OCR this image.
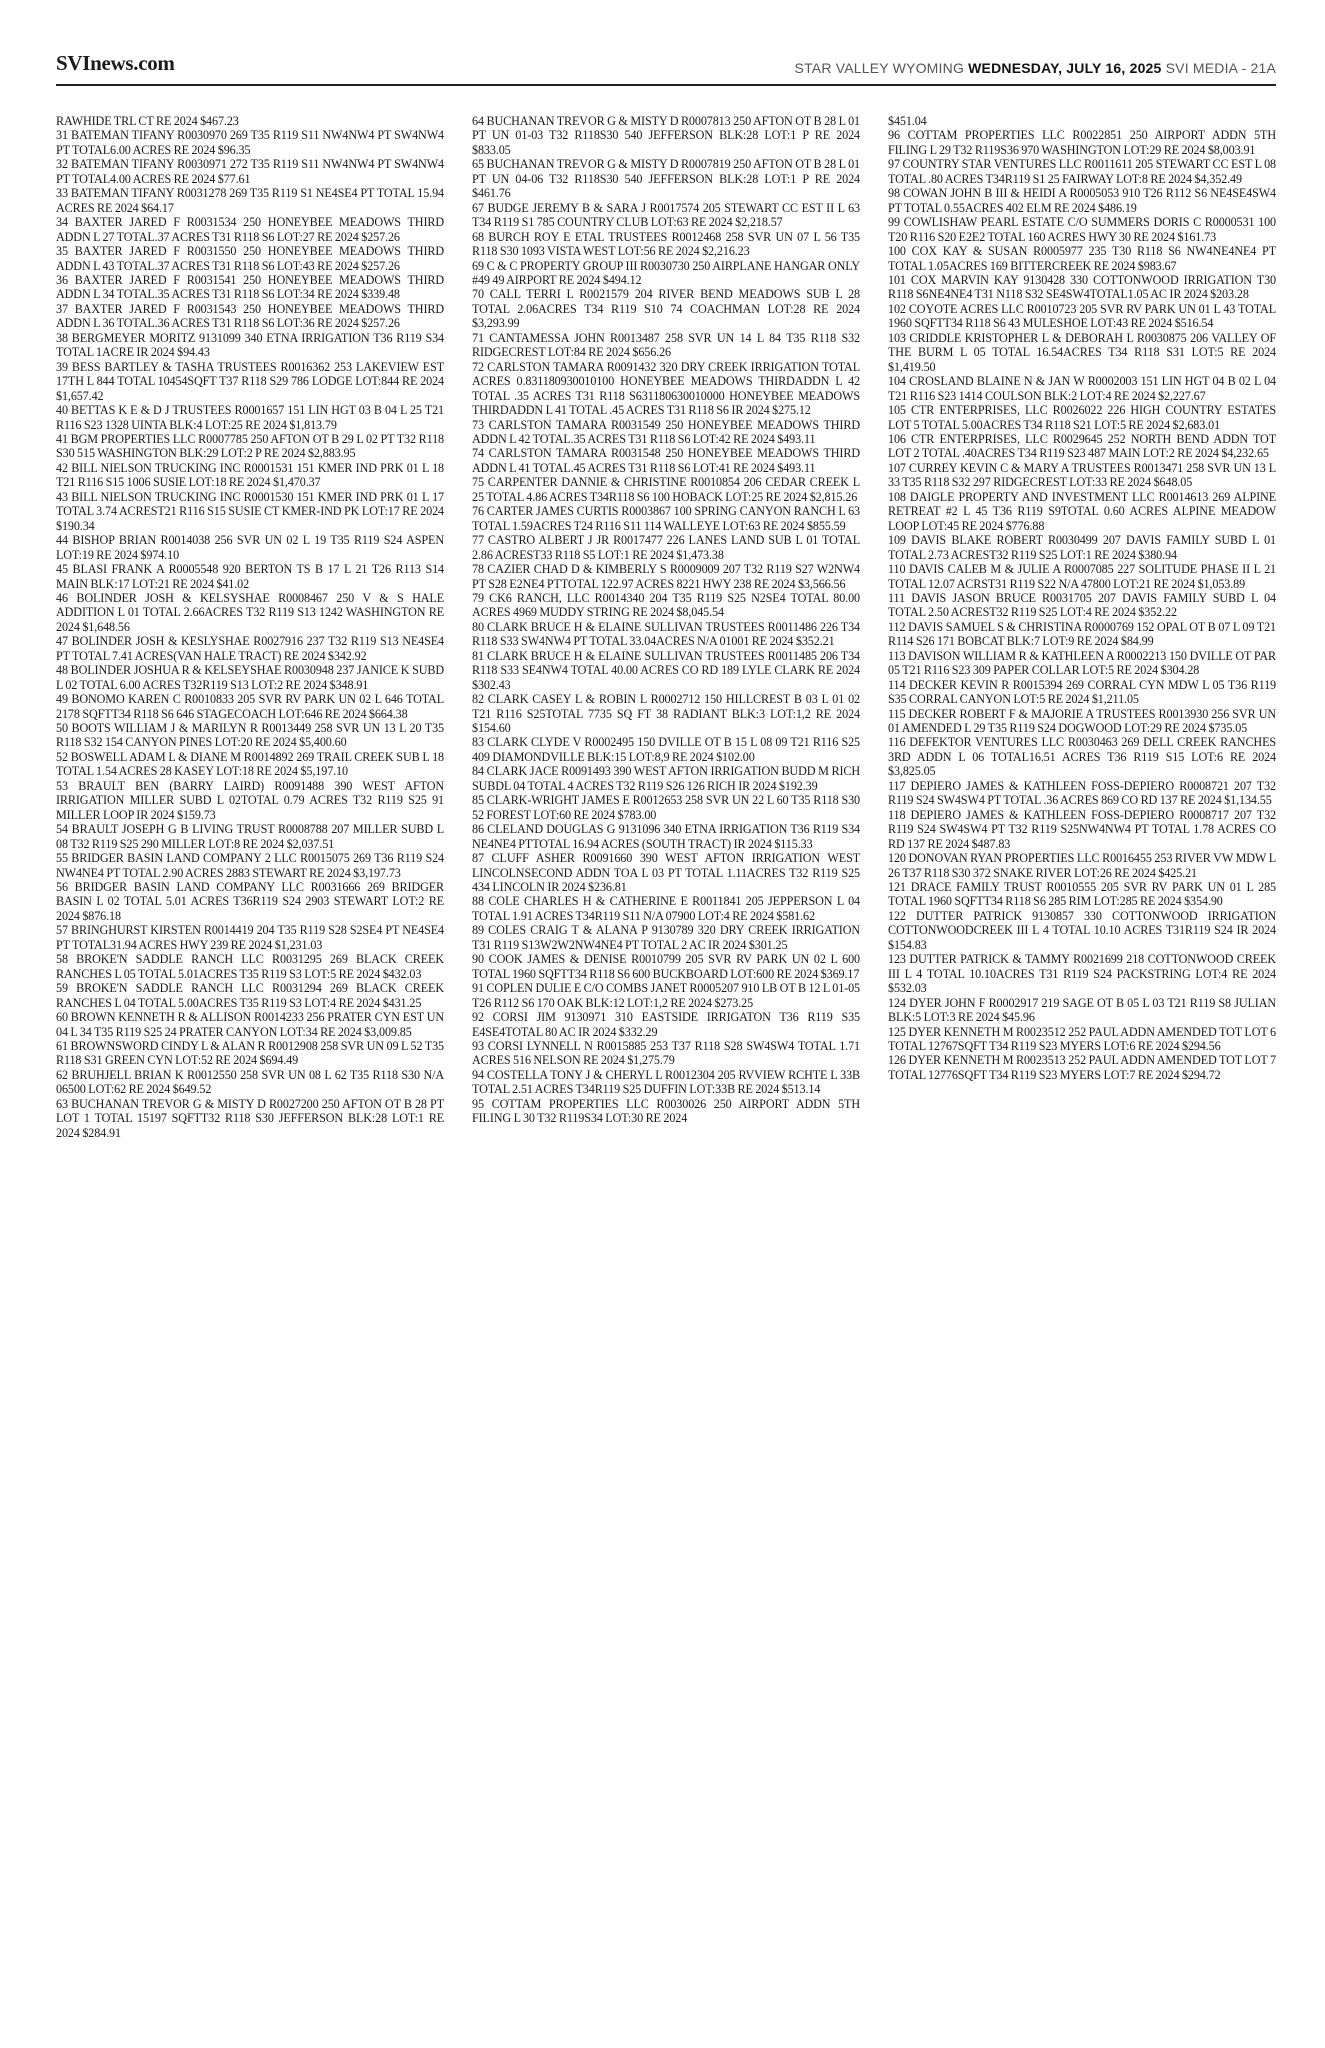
SVInews.com	STAR VALLEY WYOMING WEDNESDAY, JULY 16, 2025 SVI MEDIA - 21A

RAWHIDE TRL CT RE 2024 $467.23

31 BATEMAN TIFANY R0030970 269 T35 R119 S11 NW4NW4 PT SW4NW4 PT TOTAL6.00 ACRES RE 2024 $96.35

32 BATEMAN TIFANY R0030971 272 T35 R119 S11 NW4NW4 PT SW4NW4 PT TOTAL4.00 ACRES RE 2024 $77.61

33 BATEMAN TIFANY R0031278 269 T35 R119 S1 NE4SE4 PT TOTAL 15.94 ACRES RE 2024 $64.17

34 BAXTER JARED F R0031534 250 HONEYBEE MEADOWS THIRD ADDN L 27 TOTAL.37 ACRES T31 R118 S6 LOT:27 RE 2024 $257.26

35 BAXTER JARED F R0031550 250 HONEYBEE MEADOWS THIRD ADDN L 43 TOTAL.37 ACRES T31 R118 S6 LOT:43 RE 2024 $257.26

36 BAXTER JARED F R0031541 250 HONEYBEE MEADOWS THIRD ADDN L 34 TOTAL.35 ACRES T31 R118 S6 LOT:34 RE 2024 $339.48

37 BAXTER JARED F R0031543 250 HONEYBEE MEADOWS THIRD ADDN L 36 TOTAL.36 ACRES T31 R118 S6 LOT:36 RE 2024 $257.26

38 BERGMEYER MORITZ 9131099 340 ETNA IRRIGATION T36 R119 S34 TOTAL 1ACRE IR 2024 $94.43

39 BESS BARTLEY & TASHA TRUSTEES R0016362 253 LAKEVIEW EST 17TH L 844 TOTAL 10454SQFT T37 R118 S29 786 LODGE LOT:844 RE 2024 $1,657.42

40 BETTAS K E & D J TRUSTEES R0001657 151 LIN HGT 03 B 04 L 25 T21 R116 S23 1328 UINTA BLK:4 LOT:25 RE 2024 $1,813.79

41 BGM PROPERTIES LLC R0007785 250 AFTON OT B 29 L 02 PT T32 R118 S30 515 WASHINGTON BLK:29 LOT:2 P RE 2024 $2,883.95

42 BILL NIELSON TRUCKING INC R0001531 151 KMER IND PRK 01 L 18 T21 R116 S15 1006 SUSIE LOT:18 RE 2024 $1,470.37

43 BILL NIELSON TRUCKING INC R0001530 151 KMER IND PRK 01 L 17 TOTAL 3.74 ACREST21 R116 S15 SUSIE CT KMER-IND PK LOT:17 RE 2024 $190.34

44 BISHOP BRIAN R0014038 256 SVR UN 02 L 19 T35 R119 S24 ASPEN LOT:19 RE 2024 $974.10

45 BLASI FRANK A R0005548 920 BERTON TS B 17 L 21 T26 R113 S14 MAIN BLK:17 LOT:21 RE 2024 $41.02

46 BOLINDER JOSH & KELSYSHAE R0008467 250 V & S HALE ADDITION L 01 TOTAL 2.66ACRES T32 R119 S13 1242 WASHINGTON RE 2024 $1,648.56

47 BOLINDER JOSH & KESLYSHAE R0027916 237 T32 R119 S13 NE4SE4 PT TOTAL 7.41 ACRES(VAN HALE TRACT) RE 2024 $342.92

48 BOLINDER JOSHUA R & KELSEYSHAE R0030948 237 JANICE K SUBD L 02 TOTAL 6.00 ACRES T32R119 S13 LOT:2 RE 2024 $348.91

49 BONOMO KAREN C R0010833 205 SVR RV PARK UN 02 L 646 TOTAL 2178 SQFTT34 R118 S6 646 STAGECOACH LOT:646 RE 2024 $664.38

50 BOOTS WILLIAM J & MARILYN R R0013449 258 SVR UN 13 L 20 T35 R118 S32 154 CANYON PINES LOT:20 RE 2024 $5,400.60

52 BOSWELL ADAM L & DIANE M R0014892 269 TRAIL CREEK SUB L 18 TOTAL 1.54 ACRES 28 KASEY LOT:18 RE 2024 $5,197.10

53 BRAULT BEN (BARRY LAIRD) R0091488 390 WEST AFTON IRRIGATION MILLER SUBD L 02TOTAL 0.79 ACRES T32 R119 S25 91 MILLER LOOP IR 2024 $159.73

54 BRAULT JOSEPH G B LIVING TRUST R0008788 207 MILLER SUBD L 08 T32 R119 S25 290 MILLER LOT:8 RE 2024 $2,037.51

55 BRIDGER BASIN LAND COMPANY 2 LLC R0015075 269 T36 R119 S24 NW4NE4 PT TOTAL 2.90 ACRES 2883 STEWART RE 2024 $3,197.73

56 BRIDGER BASIN LAND COMPANY LLC R0031666 269 BRIDGER BASIN L 02 TOTAL 5.01 ACRES T36R119 S24 2903 STEWART LOT:2 RE 2024 $876.18

57 BRINGHURST KIRSTEN R0014419 204 T35 R119 S28 S2SE4 PT NE4SE4 PT TOTAL31.94 ACRES HWY 239 RE 2024 $1,231.03

58 BROKE'N SADDLE RANCH LLC R0031295 269 BLACK CREEK RANCHES L 05 TOTAL 5.01ACRES T35 R119 S3 LOT:5 RE 2024 $432.03

59 BROKE'N SADDLE RANCH LLC R0031294 269 BLACK CREEK RANCHES L 04 TOTAL 5.00ACRES T35 R119 S3 LOT:4 RE 2024 $431.25

60 BROWN KENNETH R & ALLISON R0014233 256 PRATER CYN EST UN 04 L 34 T35 R119 S25 24 PRATER CANYON LOT:34 RE 2024 $3,009.85

61 BROWNSWORD CINDY L & ALAN R R0012908 258 SVR UN 09 L 52 T35 R118 S31 GREEN CYN LOT:52 RE 2024 $694.49

62 BRUHJELL BRIAN K R0012550 258 SVR UN 08 L 62 T35 R118 S30 N/A 06500 LOT:62 RE 2024 $649.52

63 BUCHANAN TREVOR G & MISTY D R0027200 250 AFTON OT B 28 PT LOT 1 TOTAL 15197 SQFTT32 R118 S30 JEFFERSON BLK:28 LOT:1 RE 2024 $284.91

64 BUCHANAN TREVOR G & MISTY D R0007813 250 AFTON OT B 28 L 01 PT UN 01-03 T32 R118S30 540 JEFFERSON BLK:28 LOT:1 P RE 2024 $833.05

65 BUCHANAN TREVOR G & MISTY D R0007819 250 AFTON OT B 28 L 01 PT UN 04-06 T32 R118S30 540 JEFFERSON BLK:28 LOT:1 P RE 2024 $461.76

67 BUDGE JEREMY B & SARA J R0017574 205 STEWART CC EST II L 63 T34 R119 S1 785 COUNTRY CLUB LOT:63 RE 2024 $2,218.57

68 BURCH ROY E ETAL TRUSTEES R0012468 258 SVR UN 07 L 56 T35 R118 S30 1093 VISTA WEST LOT:56 RE 2024 $2,216.23

69 C & C PROPERTY GROUP III R0030730 250 AIRPLANE HANGAR ONLY #49 49 AIRPORT RE 2024 $494.12

70 CALL TERRI L R0021579 204 RIVER BEND MEADOWS SUB L 28 TOTAL 2.06ACRES T34 R119 S10 74 COACHMAN LOT:28 RE 2024 $3,293.99

71 CANTAMESSA JOHN R0013487 258 SVR UN 14 L 84 T35 R118 S32 RIDGECREST LOT:84 RE 2024 $656.26

72 CARLSTON TAMARA R0091432 320 DRY CREEK IRRIGATION TOTAL ACRES 0.831180930010100 HONEYBEE MEADOWS THIRDADDN L 42 TOTAL .35 ACRES T31 R118 S631180630010000 HONEYBEE MEADOWS THIRDADDN L 41 TOTAL .45 ACRES T31 R118 S6 IR 2024 $275.12

73 CARLSTON TAMARA R0031549 250 HONEYBEE MEADOWS THIRD ADDN L 42 TOTAL.35 ACRES T31 R118 S6 LOT:42 RE 2024 $493.11

74 CARLSTON TAMARA R0031548 250 HONEYBEE MEADOWS THIRD ADDN L 41 TOTAL.45 ACRES T31 R118 S6 LOT:41 RE 2024 $493.11

75 CARPENTER DANNIE & CHRISTINE R0010854 206 CEDAR CREEK L 25 TOTAL 4.86 ACRES T34R118 S6 100 HOBACK LOT:25 RE 2024 $2,815.26

76 CARTER JAMES CURTIS R0003867 100 SPRING CANYON RANCH L 63 TOTAL 1.59ACRES T24 R116 S11 114 WALLEYE LOT:63 RE 2024 $855.59

77 CASTRO ALBERT J JR R0017477 226 LANES LAND SUB L 01 TOTAL 2.86 ACREST33 R118 S5 LOT:1 RE 2024 $1,473.38

78 CAZIER CHAD D & KIMBERLY S R0009009 207 T32 R119 S27 W2NW4 PT S28 E2NE4 PTTOTAL 122.97 ACRES 8221 HWY 238 RE 2024 $3,566.56

79 CK6 RANCH, LLC R0014340 204 T35 R119 S25 N2SE4 TOTAL 80.00 ACRES 4969 MUDDY STRING RE 2024 $8,045.54

80 CLARK BRUCE H & ELAINE SULLIVAN TRUSTEES R0011486 226 T34 R118 S33 SW4NW4 PT TOTAL 33.04ACRES N/A 01001 RE 2024 $352.21

81 CLARK BRUCE H & ELAINE SULLIVAN TRUSTEES R0011485 206 T34 R118 S33 SE4NW4 TOTAL 40.00 ACRES CO RD 189 LYLE CLARK RE 2024 $302.43

82 CLARK CASEY L & ROBIN L R0002712 150 HILLCREST B 03 L 01 02 T21 R116 S25TOTAL 7735 SQ FT 38 RADIANT BLK:3 LOT:1,2 RE 2024 $154.60

83 CLARK CLYDE V R0002495 150 DVILLE OT B 15 L 08 09 T21 R116 S25 409 DIAMONDVILLE BLK:15 LOT:8,9 RE 2024 $102.00

84 CLARK JACE R0091493 390 WEST AFTON IRRIGATION BUDD M RICH SUBDL 04 TOTAL 4 ACRES T32 R119 S26 126 RICH IR 2024 $192.39

85 CLARK-WRIGHT JAMES E R0012653 258 SVR UN 22 L 60 T35 R118 S30 52 FOREST LOT:60 RE 2024 $783.00

86 CLELAND DOUGLAS G 9131096 340 ETNA IRRIGATION T36 R119 S34 NE4NE4 PTTOTAL 16.94 ACRES (SOUTH TRACT) IR 2024 $115.33

87 CLUFF ASHER R0091660 390 WEST AFTON IRRIGATION WEST LINCOLNSECOND ADDN TOA L 03 PT TOTAL 1.11ACRES T32 R119 S25 434 LINCOLN IR 2024 $236.81

88 COLE CHARLES H & CATHERINE E R0011841 205 JEPPERSON L 04 TOTAL 1.91 ACRES T34R119 S11 N/A 07900 LOT:4 RE 2024 $581.62

89 COLES CRAIG T & ALANA P 9130789 320 DRY CREEK IRRIGATION T31 R119 S13W2W2NW4NE4 PT TOTAL 2 AC IR 2024 $301.25

90 COOK JAMES & DENISE R0010799 205 SVR RV PARK UN 02 L 600 TOTAL 1960 SQFTT34 R118 S6 600 BUCKBOARD LOT:600 RE 2024 $369.17

91 COPLEN DULIE E C/O COMBS JANET R0005207 910 LB OT B 12 L 01-05 T26 R112 S6 170 OAK BLK:12 LOT:1,2 RE 2024 $273.25

92 CORSI JIM 9130971 310 EASTSIDE IRRIGATON T36 R119 S35 E4SE4TOTAL 80 AC IR 2024 $332.29

93 CORSI LYNNELL N R0015885 253 T37 R118 S28 SW4SW4 TOTAL 1.71 ACRES 516 NELSON RE 2024 $1,275.79

94 COSTELLA TONY J & CHERYL L R0012304 205 RVVIEW RCHTE L 33B TOTAL 2.51 ACRES T34R119 S25 DUFFIN LOT:33B RE 2024 $513.14

95 COTTAM PROPERTIES LLC R0030026 250 AIRPORT ADDN 5TH FILING L 30 T32 R119S34 LOT:30 RE 2024

$451.04

96 COTTAM PROPERTIES LLC R0022851 250 AIRPORT ADDN 5TH FILING L 29 T32 R119S36 970 WASHINGTON LOT:29 RE 2024 $8,003.91

97 COUNTRY STAR VENTURES LLC R0011611 205 STEWART CC EST L 08 TOTAL .80 ACRES T34R119 S1 25 FAIRWAY LOT:8 RE 2024 $4,352.49

98 COWAN JOHN B III & HEIDI A R0005053 910 T26 R112 S6 NE4SE4SW4 PT TOTAL 0.55ACRES 402 ELM RE 2024 $486.19

99 COWLISHAW PEARL ESTATE C/O SUMMERS DORIS C R0000531 100 T20 R116 S20 E2E2 TOTAL 160 ACRES HWY 30 RE 2024 $161.73

100 COX KAY & SUSAN R0005977 235 T30 R118 S6 NW4NE4NE4 PT TOTAL 1.05ACRES 169 BITTERCREEK RE 2024 $983.67

101 COX MARVIN KAY 9130428 330 COTTONWOOD IRRIGATION T30 R118 S6NE4NE4 T31 N118 S32 SE4SW4TOTAL1.05 AC IR 2024 $203.28

102 COYOTE ACRES LLC R0010723 205 SVR RV PARK UN 01 L 43 TOTAL 1960 SQFTT34 R118 S6 43 MULESHOE LOT:43 RE 2024 $516.54

103 CRIDDLE KRISTOPHER L & DEBORAH L R0030875 206 VALLEY OF THE BURM L 05 TOTAL 16.54ACRES T34 R118 S31 LOT:5 RE 2024 $1,419.50

104 CROSLAND BLAINE N & JAN W R0002003 151 LIN HGT 04 B 02 L 04 T21 R116 S23 1414 COULSON BLK:2 LOT:4 RE 2024 $2,227.67

105 CTR ENTERPRISES, LLC R0026022 226 HIGH COUNTRY ESTATES LOT 5 TOTAL 5.00ACRES T34 R118 S21 LOT:5 RE 2024 $2,683.01

106 CTR ENTERPRISES, LLC R0029645 252 NORTH BEND ADDN TOT LOT 2 TOTAL .40ACRES T34 R119 S23 487 MAIN LOT:2 RE 2024 $4,232.65

107 CURREY KEVIN C & MARY A TRUSTEES R0013471 258 SVR UN 13 L 33 T35 R118 S32 297 RIDGECREST LOT:33 RE 2024 $648.05

108 DAIGLE PROPERTY AND INVESTMENT LLC R0014613 269 ALPINE RETREAT #2 L 45 T36 R119 S9TOTAL 0.60 ACRES ALPINE MEADOW LOOP LOT:45 RE 2024 $776.88

109 DAVIS BLAKE ROBERT R0030499 207 DAVIS FAMILY SUBD L 01 TOTAL 2.73 ACREST32 R119 S25 LOT:1 RE 2024 $380.94

110 DAVIS CALEB M & JULIE A R0007085 227 SOLITUDE PHASE II L 21 TOTAL 12.07 ACRST31 R119 S22 N/A 47800 LOT:21 RE 2024 $1,053.89

111 DAVIS JASON BRUCE R0031705 207 DAVIS FAMILY SUBD L 04 TOTAL 2.50 ACREST32 R119 S25 LOT:4 RE 2024 $352.22

112 DAVIS SAMUEL S & CHRISTINA R0000769 152 OPAL OT B 07 L 09 T21 R114 S26 171 BOBCAT BLK:7 LOT:9 RE 2024 $84.99

113 DAVISON WILLIAM R & KATHLEEN A R0002213 150 DVILLE OT PAR 05 T21 R116 S23 309 PAPER COLLAR LOT:5 RE 2024 $304.28

114 DECKER KEVIN R R0015394 269 CORRAL CYN MDW L 05 T36 R119 S35 CORRAL CANYON LOT:5 RE 2024 $1,211.05

115 DECKER ROBERT F & MAJORIE A TRUSTEES R0013930 256 SVR UN 01 AMENDED L 29 T35 R119 S24 DOGWOOD LOT:29 RE 2024 $735.05

116 DEFEKTOR VENTURES LLC R0030463 269 DELL CREEK RANCHES 3RD ADDN L 06 TOTAL16.51 ACRES T36 R119 S15 LOT:6 RE 2024 $3,825.05

117 DEPIERO JAMES & KATHLEEN FOSS-DEPIERO R0008721 207 T32 R119 S24 SW4SW4 PT TOTAL .36 ACRES 869 CO RD 137 RE 2024 $1,134.55

118 DEPIERO JAMES & KATHLEEN FOSS-DEPIERO R0008717 207 T32 R119 S24 SW4SW4 PT T32 R119 S25NW4NW4 PT TOTAL 1.78 ACRES CO RD 137 RE 2024 $487.83

120 DONOVAN RYAN PROPERTIES LLC R0016455 253 RIVER VW MDW L 26 T37 R118 S30 372 SNAKE RIVER LOT:26 RE 2024 $425.21

121 DRACE FAMILY TRUST R0010555 205 SVR RV PARK UN 01 L 285 TOTAL 1960 SQFTT34 R118 S6 285 RIM LOT:285 RE 2024 $354.90

122 DUTTER PATRICK 9130857 330 COTTONWOOD IRRIGATION COTTONWOODCREEK III L 4 TOTAL 10.10 ACRES T31R119 S24 IR 2024 $154.83

123 DUTTER PATRICK & TAMMY R0021699 218 COTTONWOOD CREEK III L 4 TOTAL 10.10ACRES T31 R119 S24 PACKSTRING LOT:4 RE 2024 $532.03

124 DYER JOHN F R0002917 219 SAGE OT B 05 L 03 T21 R119 S8 JULIAN BLK:5 LOT:3 RE 2024 $45.96

125 DYER KENNETH M R0023512 252 PAUL ADDN AMENDED TOT LOT 6 TOTAL 12767SQFT T34 R119 S23 MYERS LOT:6 RE 2024 $294.56

126 DYER KENNETH M R0023513 252 PAUL ADDN AMENDED TOT LOT 7 TOTAL 12776SQFT T34 R119 S23 MYERS LOT:7 RE 2024 $294.72
